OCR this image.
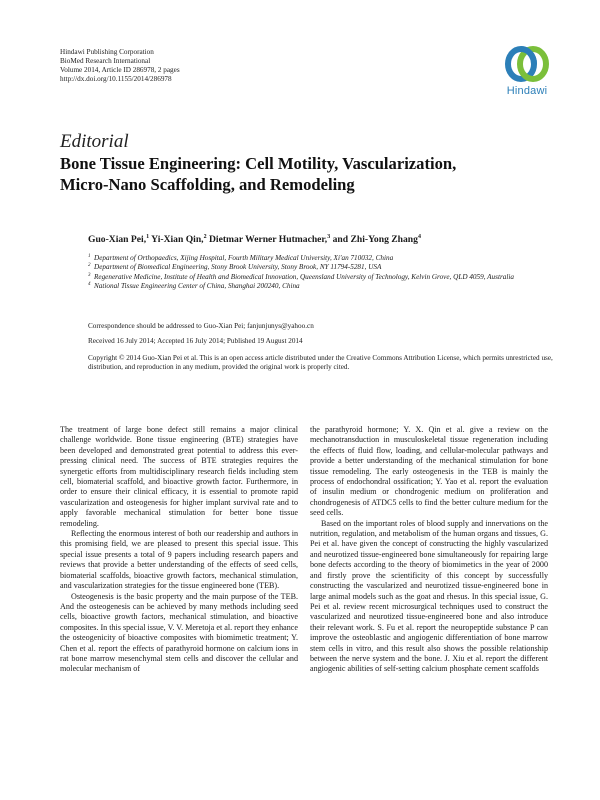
Hindawi Publishing Corporation
BioMed Research International
Volume 2014, Article ID 286978, 2 pages
http://dx.doi.org/10.1155/2014/286978
Hindawi
Editorial
Bone Tissue Engineering: Cell Motility, Vascularization,
Micro-Nano Scaffolding, and Remodeling
Guo-Xian Pei,$^1$ Yi-Xian Qin,$^2$ Dietmar Werner Hutmacher,$^3$ and Zhi-Yong Zhang$^4$
1 Department of Orthopaedics, Xijing Hospital, Fourth Military Medical University, Xi'an 710032, China
2 Department of Biomedical Engineering, Stony Brook University, Stony Brook, NY 11794-5281, USA
3 Regenerative Medicine, Institute of Health and Biomedical Innovation, Queensland University of Technology, Kelvin Grove, QLD 4059, Australia
4 National Tissue Engineering Center of China, Shanghai 200240, China
Correspondence should be addressed to Guo-Xian Pei; fanjunjunys@yahoo.cn
Received 16 July 2014; Accepted 16 July 2014; Published 19 August 2014
Copyright © 2014 Guo-Xian Pei et al. This is an open access article distributed under the Creative Commons Attribution License, which permits unrestricted use, distribution, and reproduction in any medium, provided the original work is properly cited.

The treatment of large bone defect still remains a major clinical challenge worldwide. Bone tissue engineering (BTE) strategies have been developed and demonstrated great potential to address this ever-pressing clinical need. The success of BTE strategies requires the synergetic efforts from multidisciplinary research fields including stem cell, biomaterial scaffold, and bioactive growth factor. Furthermore, in order to ensure their clinical efficacy, it is essential to promote rapid vascularization and osteogenesis for higher implant survival rate and to apply favorable mechanical stimulation for better bone tissue remodeling.

Reflecting the enormous interest of both our readership and authors in this promising field, we are pleased to present this special issue. This special issue presents a total of 9 papers including research papers and reviews that provide a better understanding of the effects of seed cells, biomaterial scaffolds, bioactive growth factors, mechanical stimulation, and vascularization strategies for the tissue engineered bone (TEB).

Osteogenesis is the basic property and the main purpose of the TEB. And the osteogenesis can be achieved by many methods including seed cells, bioactive growth factors, mechanical stimulation, and bioactive composites. In this special issue, V. V. Meretoja et al. report they enhance the osteogenicity of bioactive composites with biomimetic treatment; Y. Chen et al. report the effects of parathyroid hormone on calcium ions in rat bone marrow mesenchymal stem cells and discover the cellular and molecular mechanism of

the parathyroid hormone; Y. X. Qin et al. give a review on the mechanotransduction in musculoskeletal tissue regeneration including the effects of fluid flow, loading, and cellular-molecular pathways and provide a better understanding of the mechanical stimulation for bone tissue remodeling. The early osteogenesis in the TEB is mainly the process of endochondral ossification; Y. Yao et al. report the evaluation of insulin medium or chondrogenic medium on proliferation and chondrogenesis of ATDC5 cells to find the better culture medium for the seed cells.

Based on the important roles of blood supply and innervations on the nutrition, regulation, and metabolism of the human organs and tissues, G. Pei et al. have given the concept of constructing the highly vascularized and neurotized tissue-engineered bone simultaneously for repairing large bone defects according to the theory of biomimetics in the year of 2000 and firstly prove the scientificity of this concept by successfully constructing the vascularized and neurotized tissue-engineered bone in large animal models such as the goat and rhesus. In this special issue, G. Pei et al. review recent microsurgical techniques used to construct the vascularized and neurotized tissue-engineered bone and also introduce their relevant work. S. Fu et al. report the neuropeptide substance P can improve the osteoblastic and angiogenic differentiation of bone marrow stem cells in vitro, and this result also shows the possible relationship between the nerve system and the bone. J. Xiu et al. report the different angiogenic abilities of self-setting calcium phosphate cement scaffolds
